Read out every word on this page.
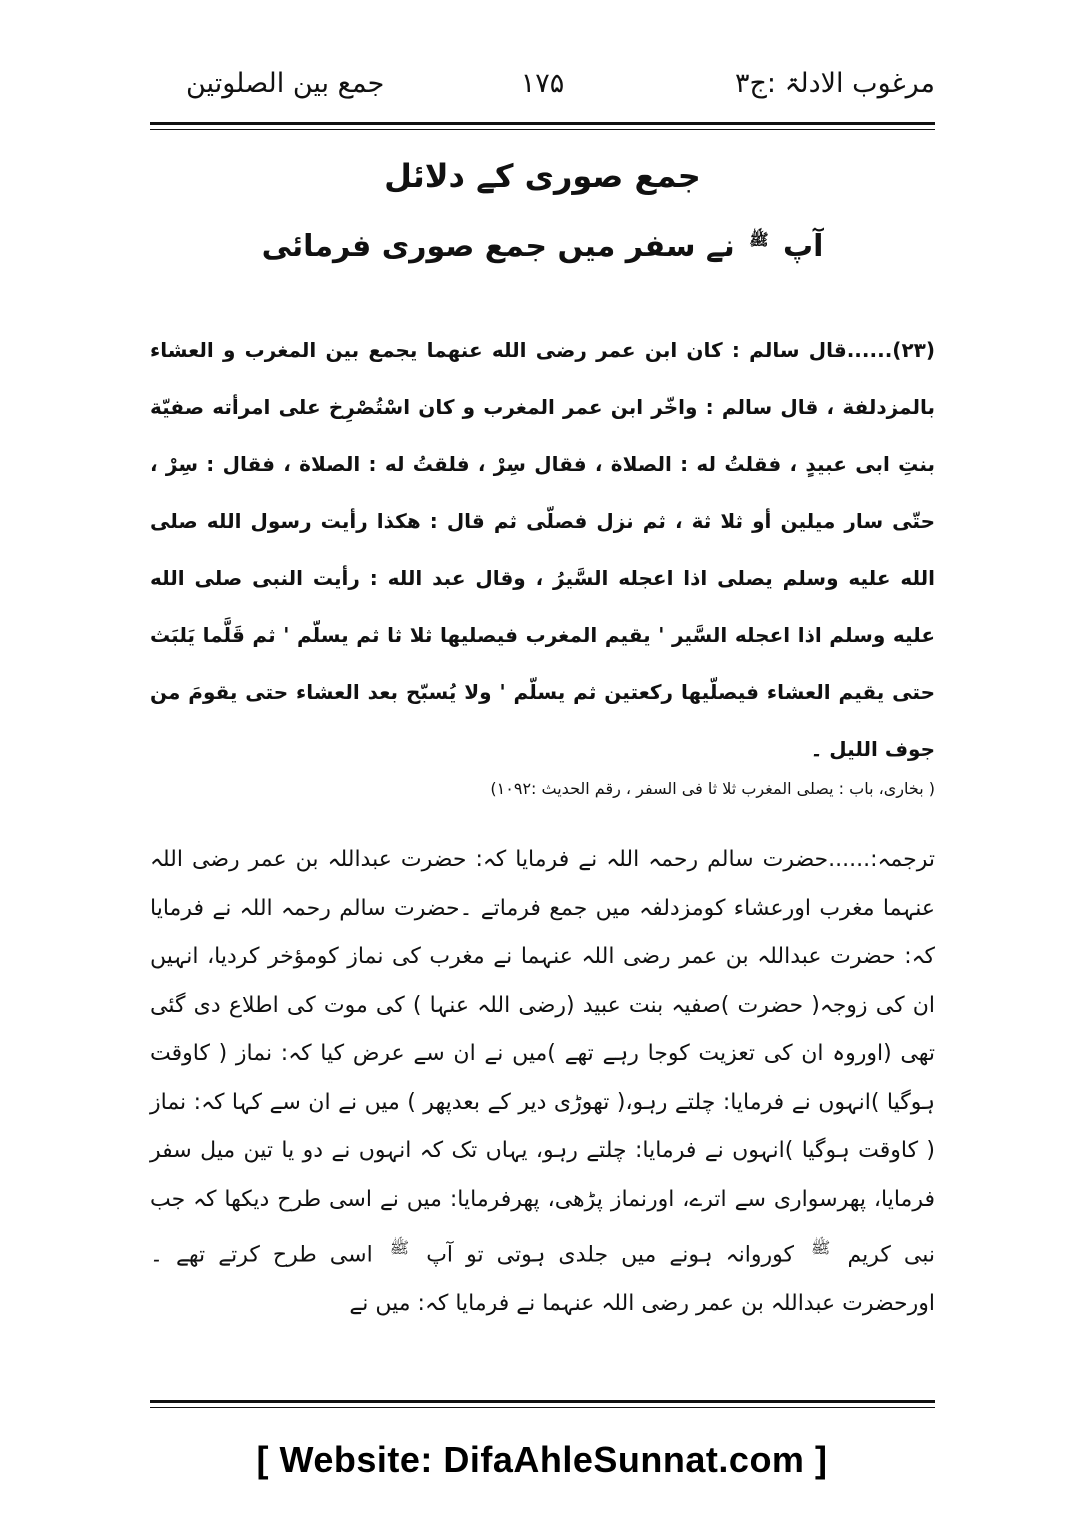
مرغوب الادلۃ :ج۳
۱۷۵
جمع بین الصلوتین

جمع صوری کے دلائل

آپ $^ﷺ$ نے سفر میں جمع صوری فرمائی

(۲۳)......قال سالم : كان ابن عمر رضى الله عنهما يجمع بين المغرب و العشاء بالمزدلفة ، قال سالم : واخّر ابن عمر المغرب و كان اسْتُصْرِخ على امرأته صفيّة بنتِ ابى عبيدٍ ، فقلتُ له : الصلاة ، فقال سِرْ ، فلقتُ له : الصلاة ، فقال : سِرْ ، حتّى سار ميلين أو ثلا ثة ، ثم نزل فصلّى ثم قال : هكذا رأيت رسول الله صلى الله عليه وسلم يصلى اذا اعجله السَّيرُ ، وقال عبد الله : رأيت النبى صلى الله عليه وسلم اذا اعجله السَّير ' يقيم المغرب فيصليها ثلا ثا ثم يسلّم ' ثم قَلَّما يَلبَث حتى يقيم العشاء فيصلّيها ركعتين ثم يسلّم ' ولا يُسبّح بعد العشاء حتى يقومَ من جوف الليل ۔
( بخارى، باب : يصلى المغرب ثلا ثا فى السفر ، رقم الحديث :۱۰۹۲)
ترجمہ:......حضرت سالم رحمہ اللہ نے فرمایا کہ: حضرت عبداللہ بن عمر رضی اللہ عنہما مغرب اورعشاء کومزدلفہ میں جمع فرماتے ۔حضرت سالم رحمہ اللہ نے فرمایا کہ: حضرت عبداللہ بن عمر رضی اللہ عنہما نے مغرب کی نماز کومؤخر کردیا، انہیں ان کی زوجہ( حضرت )صفیہ بنت عبید (رضی اللہ عنہا ) کی موت کی اطلاع دی گئی تھی (اوروہ ان کی تعزیت کوجا رہے تھے )میں نے ان سے عرض کیا کہ: نماز ( کاوقت ہوگیا )انہوں نے فرمایا: چلتے رہو،( تھوڑی دیر کے بعدپھر ) میں نے ان سے کہا کہ: نماز ( کاوقت ہوگیا )انہوں نے فرمایا: چلتے رہو، یہاں تک کہ انہوں نے دو یا تین میل سفر فرمایا، پھرسواری سے اترے، اورنماز پڑھی، پھرفرمایا: میں نے اسی طرح دیکھا کہ جب نبی کریم $^ﷺ$ کوروانہ ہونے میں جلدی ہوتی تو آپ $^ﷺ$ اسی طرح کرتے تھے ۔اورحضرت عبداللہ بن عمر رضی اللہ عنہما نے فرمایا کہ: میں نے
[ Website: DifaAhleSunnat.com ]
